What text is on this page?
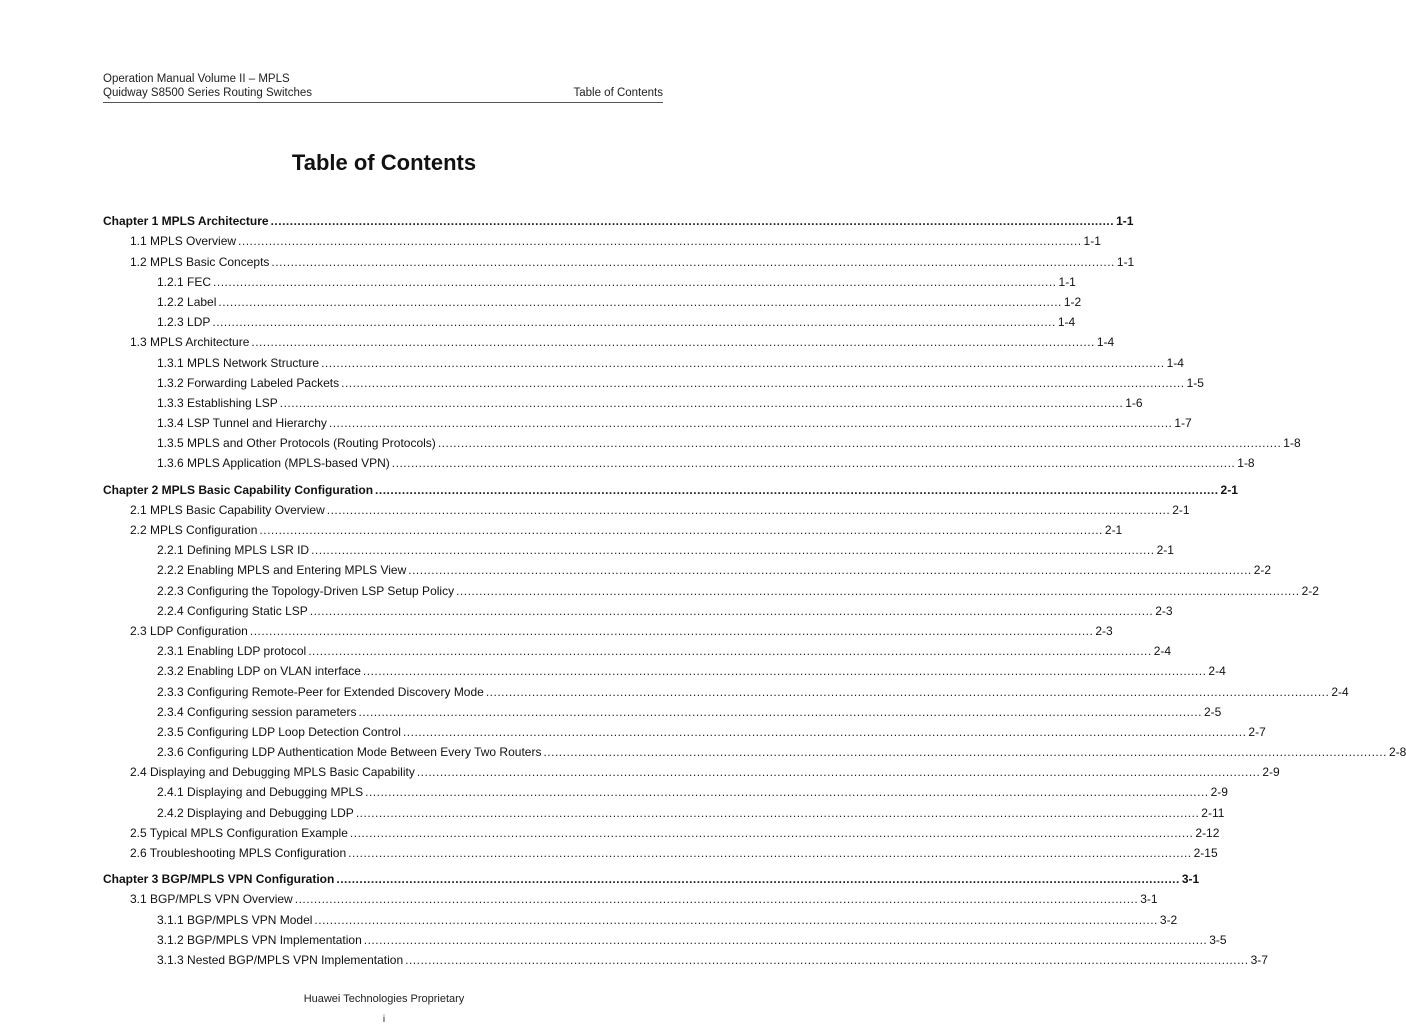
Operation Manual Volume II – MPLS
Quidway S8500 Series Routing Switches	Table of Contents
Table of Contents
Chapter 1 MPLS Architecture ............................................................................................................................................................................................................................ 1-1
1.1 MPLS Overview ............................................................................................................................................................................................................................ 1-1
1.2 MPLS Basic Concepts ............................................................................................................................................................................................................................ 1-1
1.2.1 FEC ............................................................................................................................................................................................................................ 1-1
1.2.2 Label ............................................................................................................................................................................................................................ 1-2
1.2.3 LDP ............................................................................................................................................................................................................................ 1-4
1.3 MPLS Architecture ............................................................................................................................................................................................................................ 1-4
1.3.1 MPLS Network Structure ............................................................................................................................................................................................................................ 1-4
1.3.2 Forwarding Labeled Packets ............................................................................................................................................................................................................................ 1-5
1.3.3 Establishing LSP ............................................................................................................................................................................................................................ 1-6
1.3.4 LSP Tunnel and Hierarchy ............................................................................................................................................................................................................................ 1-7
1.3.5 MPLS and Other Protocols (Routing Protocols) ............................................................................................................................................................................................................................ 1-8
1.3.6 MPLS Application (MPLS-based VPN) ............................................................................................................................................................................................................................ 1-8
Chapter 2 MPLS Basic Capability Configuration ............................................................................................................................................................................................................................ 2-1
2.1 MPLS Basic Capability Overview ............................................................................................................................................................................................................................ 2-1
2.2 MPLS Configuration ............................................................................................................................................................................................................................ 2-1
2.2.1 Defining MPLS LSR ID ............................................................................................................................................................................................................................ 2-1
2.2.2 Enabling MPLS and Entering MPLS View ............................................................................................................................................................................................................................ 2-2
2.2.3 Configuring the Topology-Driven LSP Setup Policy ............................................................................................................................................................................................................................ 2-2
2.2.4 Configuring Static LSP ............................................................................................................................................................................................................................ 2-3
2.3 LDP Configuration ............................................................................................................................................................................................................................ 2-3
2.3.1 Enabling LDP protocol ............................................................................................................................................................................................................................ 2-4
2.3.2 Enabling LDP on VLAN interface ............................................................................................................................................................................................................................ 2-4
2.3.3 Configuring Remote-Peer for Extended Discovery Mode ............................................................................................................................................................................................................................ 2-4
2.3.4 Configuring session parameters ............................................................................................................................................................................................................................ 2-5
2.3.5 Configuring LDP Loop Detection Control ............................................................................................................................................................................................................................ 2-7
2.3.6 Configuring LDP Authentication Mode Between Every Two Routers ............................................................................................................................................................................................................................ 2-8
2.4 Displaying and Debugging MPLS Basic Capability ............................................................................................................................................................................................................................ 2-9
2.4.1 Displaying and Debugging MPLS ............................................................................................................................................................................................................................ 2-9
2.4.2 Displaying and Debugging LDP ............................................................................................................................................................................................................................ 2-11
2.5 Typical MPLS Configuration Example ............................................................................................................................................................................................................................ 2-12
2.6 Troubleshooting MPLS Configuration ............................................................................................................................................................................................................................ 2-15
Chapter 3 BGP/MPLS VPN Configuration ............................................................................................................................................................................................................................ 3-1
3.1 BGP/MPLS VPN Overview ............................................................................................................................................................................................................................ 3-1
3.1.1 BGP/MPLS VPN Model ............................................................................................................................................................................................................................ 3-2
3.1.2 BGP/MPLS VPN Implementation ............................................................................................................................................................................................................................ 3-5
3.1.3 Nested BGP/MPLS VPN Implementation ............................................................................................................................................................................................................................ 3-7
Huawei Technologies Proprietary
i
